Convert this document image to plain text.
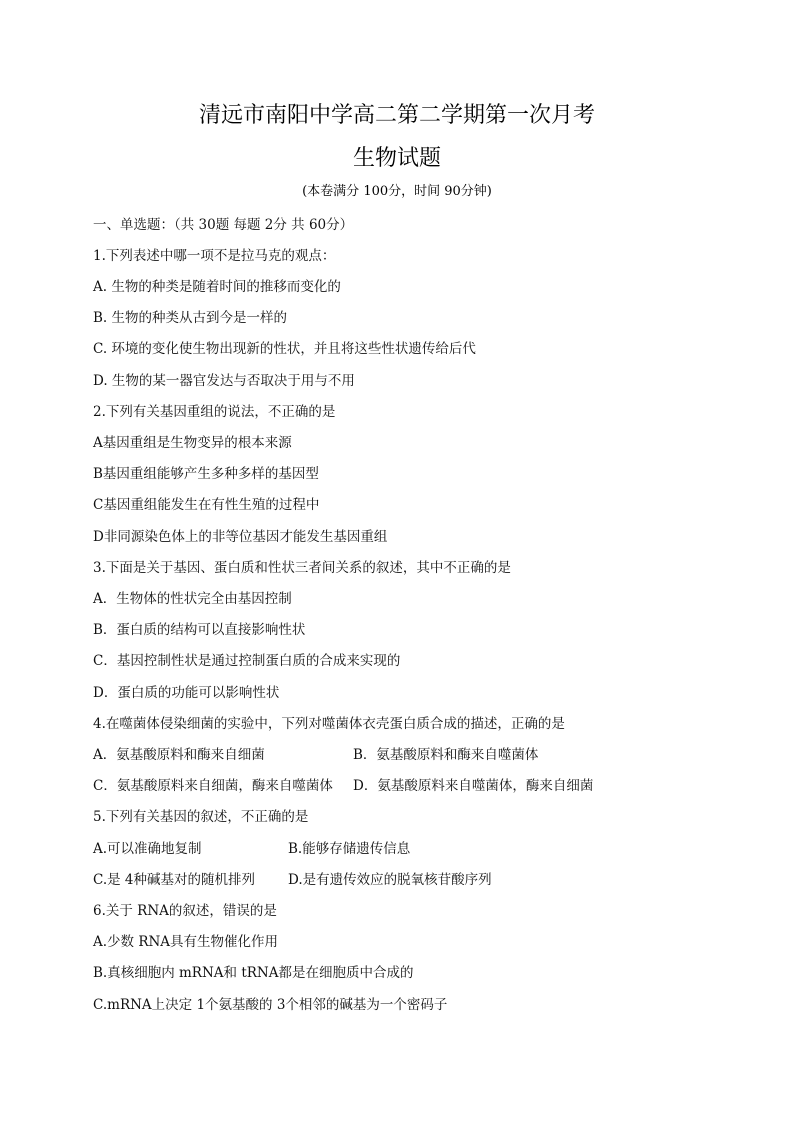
清远市南阳中学高二第二学期第一次月考
生物试题
(本卷满分 100分，时间 90分钟)
一、单选题：（共 30题 每题 2分 共 60分）
1.下列表述中哪一项不是拉马克的观点：
A. 生物的种类是随着时间的推移而变化的
B. 生物的种类从古到今是一样的
C. 环境的变化使生物出现新的性状，并且将这些性状遗传给后代
D. 生物的某一器官发达与否取决于用与不用
2.下列有关基因重组的说法，不正确的是
A基因重组是生物变异的根本来源
B基因重组能够产生多种多样的基因型
C基因重组能发生在有性生殖的过程中
D非同源染色体上的非等位基因才能发生基因重组
3.下面是关于基因、蛋白质和性状三者间关系的叙述，其中不正确的是
A．生物体的性状完全由基因控制
B．蛋白质的结构可以直接影响性状
C．基因控制性状是通过控制蛋白质的合成来实现的
D．蛋白质的功能可以影响性状
4.在噬菌体侵染细菌的实验中，下列对噬菌体衣壳蛋白质合成的描述，正确的是
A．氨基酸原料和酶来自细菌	B．氨基酸原料和酶来自噬菌体
C．氨基酸原料来自细菌，酶来自噬菌体 D．氨基酸原料来自噬菌体，酶来自细菌
5.下列有关基因的叙述，不正确的是
A.可以准确地复制	B.能够存储遗传信息
C.是 4种碱基对的随机排列 D.是有遗传效应的脱氧核苷酸序列
6.关于 RNA的叙述，错误的是
A.少数 RNA具有生物催化作用
B.真核细胞内 mRNA和 tRNA都是在细胞质中合成的
C.mRNA上决定 1个氨基酸的 3个相邻的碱基为一个密码子
